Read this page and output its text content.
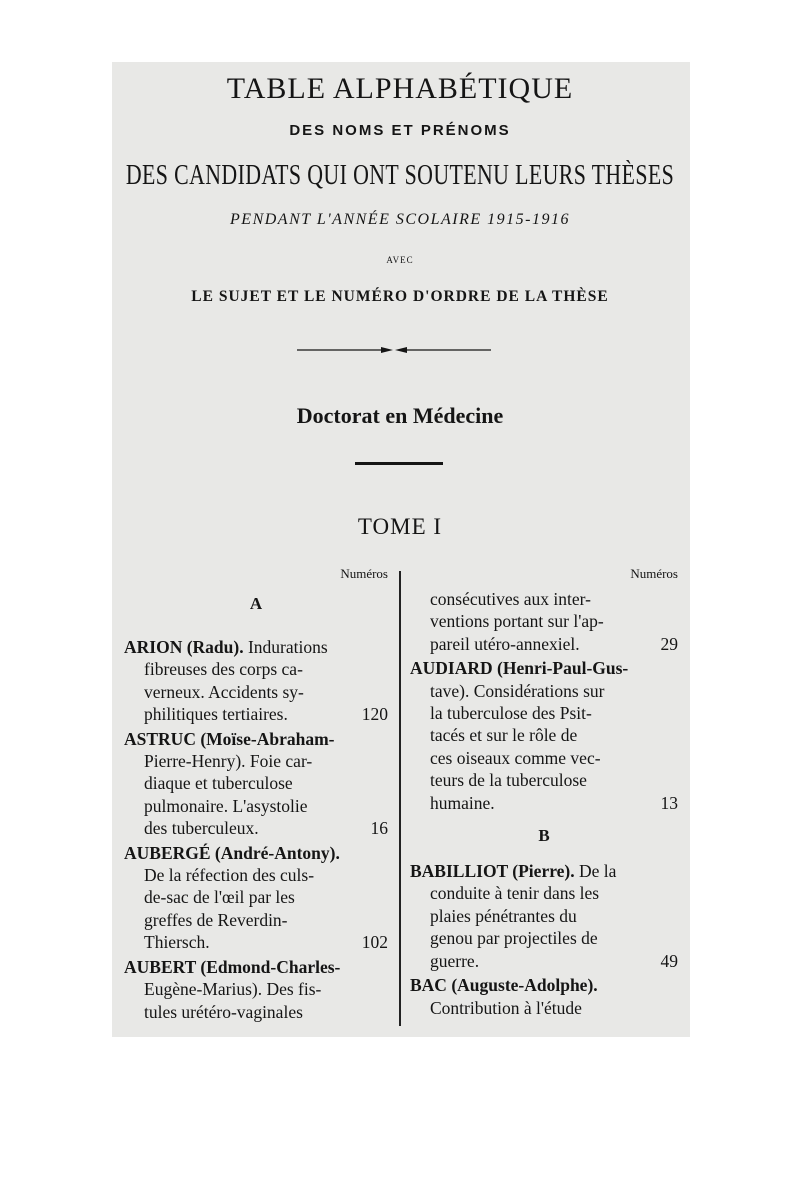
TABLE ALPHABÉTIQUE
DES NOMS ET PRÉNOMS
DES CANDIDATS QUI ONT SOUTENU LEURS THÈSES
PENDANT L'ANNÉE SCOLAIRE 1915-1916
AVEC
LE SUJET ET LE NUMÉRO D'ORDRE DE LA THÈSE
Doctorat en Médecine
TOME I
Numéros
A
ARION (Radu). Indurations
fibreuses des corps ca-
verneux. Accidents sy-
philitiques tertiaires.	120
ASTRUC (Moïse-Abraham-
Pierre-Henry). Foie car-
diaque et tuberculose
pulmonaire. L'asystolie
des tuberculeux.	16
AUBERGÉ (André-Antony).
De la réfection des culs-
de-sac de l'œil par les
greffes de Reverdin-
Thiersch.	102
AUBERT (Edmond-Charles-
Eugène-Marius). Des fis-
tules urétéro-vaginales
Numéros
consécutives aux inter-
ventions portant sur l'ap-
pareil utéro-annexiel.	29
AUDIARD (Henri-Paul-Gus-
tave). Considérations sur
la tuberculose des Psit-
tacés et sur le rôle de
ces oiseaux comme vec-
teurs de la tuberculose
humaine.	13
B
BABILLIOT (Pierre). De la
conduite à tenir dans les
plaies pénétrantes du
genou par projectiles de
guerre.	49
BAC (Auguste-Adolphe).
Contribution à l'étude
